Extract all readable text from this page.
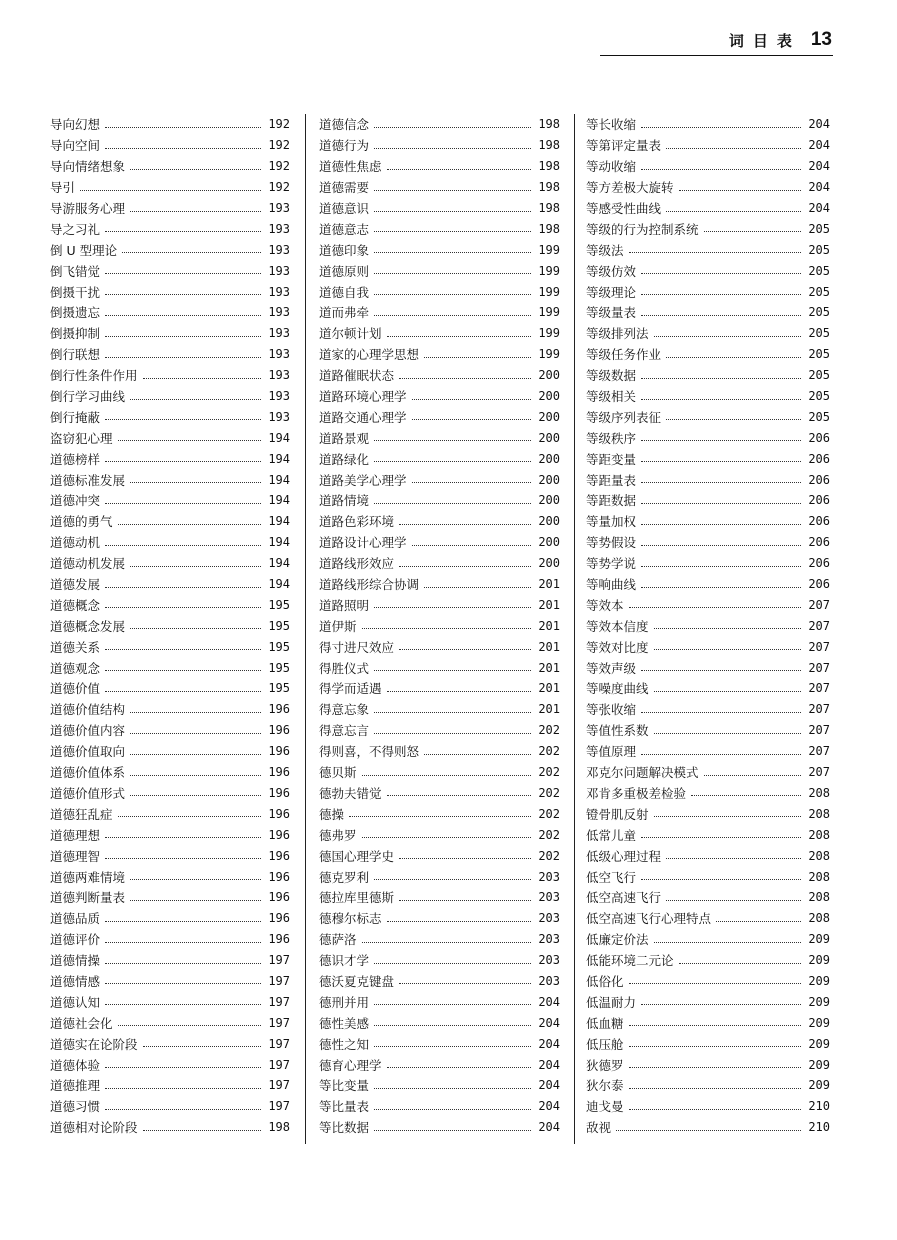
词目表 13
导向幻想	192
导向空间	192
导向情绪想象	192
导引	192
导游服务心理	193
导之习礼	193
倒 U 型理论	193
倒飞错觉	193
倒摄干扰	193
倒摄遗忘	193
倒摄抑制	193
倒行联想	193
倒行性条件作用	193
倒行学习曲线	193
倒行掩蔽	193
盗窃犯心理	194
道德榜样	194
道德标准发展	194
道德冲突	194
道德的勇气	194
道德动机	194
道德动机发展	194
道德发展	194
道德概念	195
道德概念发展	195
道德关系	195
道德观念	195
道德价值	195
道德价值结构	196
道德价值内容	196
道德价值取向	196
道德价值体系	196
道德价值形式	196
道德狂乱症	196
道德理想	196
道德理智	196
道德两难情境	196
道德判断量表	196
道德品质	196
道德评价	196
道德情操	197
道德情感	197
道德认知	197
道德社会化	197
道德实在论阶段	197
道德体验	197
道德推理	197
道德习惯	197
道德相对论阶段	198
道德信念	198
道德行为	198
道德性焦虑	198
道德需要	198
道德意识	198
道德意志	198
道德印象	199
道德原则	199
道德自我	199
道而弗牵	199
道尔顿计划	199
道家的心理学思想	199
道路催眠状态	200
道路环境心理学	200
道路交通心理学	200
道路景观	200
道路绿化	200
道路美学心理学	200
道路情境	200
道路色彩环境	200
道路设计心理学	200
道路线形效应	200
道路线形综合协调	201
道路照明	201
道伊斯	201
得寸进尺效应	201
得胜仪式	201
得学而适遇	201
得意忘象	201
得意忘言	202
得则喜，不得则怒	202
德贝斯	202
德勃夫错觉	202
德操	202
德弗罗	202
德国心理学史	202
德克罗利	203
德拉库里德斯	203
德穆尔标志	203
德萨洛	203
德识才学	203
德沃夏克键盘	203
德刑并用	204
德性美感	204
德性之知	204
德育心理学	204
等比变量	204
等比量表	204
等比数据	204
等长收缩	204
等第评定量表	204
等动收缩	204
等方差极大旋转	204
等感受性曲线	204
等级的行为控制系统	205
等级法	205
等级仿效	205
等级理论	205
等级量表	205
等级排列法	205
等级任务作业	205
等级数据	205
等级相关	205
等级序列表征	205
等级秩序	206
等距变量	206
等距量表	206
等距数据	206
等量加权	206
等势假设	206
等势学说	206
等响曲线	206
等效本	207
等效本信度	207
等效对比度	207
等效声级	207
等噪度曲线	207
等张收缩	207
等值性系数	207
等值原理	207
邓克尔问题解决模式	207
邓肯多重极差检验	208
镫骨肌反射	208
低常儿童	208
低级心理过程	208
低空飞行	208
低空高速飞行	208
低空高速飞行心理特点	208
低廉定价法	209
低能环境二元论	209
低俗化	209
低温耐力	209
低血糖	209
低压舱	209
狄德罗	209
狄尔泰	209
迪戈曼	210
敌视	210
